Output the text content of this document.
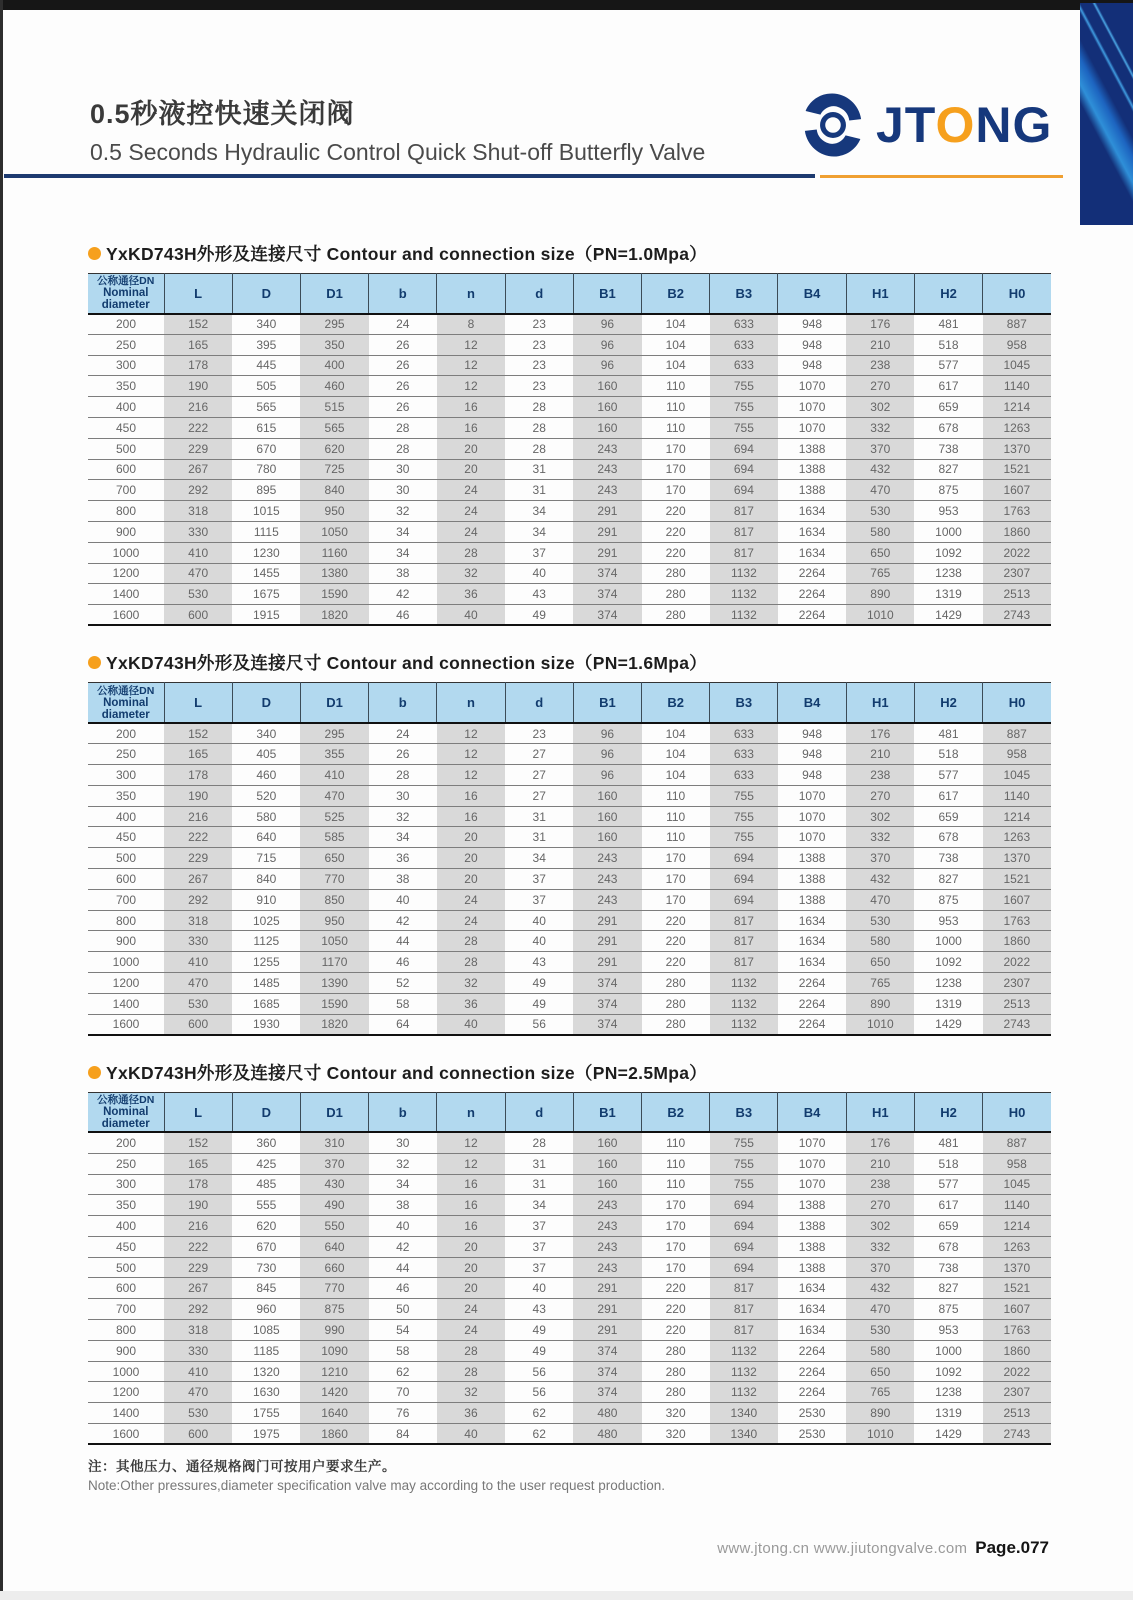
0.5秒液控快速关闭阀
0.5 Seconds Hydraulic Control Quick Shut-off Butterfly Valve	JTONG
YxKD743H外形及连接尺寸 Contour and connection size（PN=1.0Mpa）
公称通径DN
Nominal
diameter	L	D	D1	b	n	d	B1	B2	B3	B4	H1	H2	H0
200	152	340	295	24	8	23	96	104	633	948	176	481	887
250	165	395	350	26	12	23	96	104	633	948	210	518	958
300	178	445	400	26	12	23	96	104	633	948	238	577	1045
350	190	505	460	26	12	23	160	110	755	1070	270	617	1140
400	216	565	515	26	16	28	160	110	755	1070	302	659	1214
450	222	615	565	28	16	28	160	110	755	1070	332	678	1263
500	229	670	620	28	20	28	243	170	694	1388	370	738	1370
600	267	780	725	30	20	31	243	170	694	1388	432	827	1521
700	292	895	840	30	24	31	243	170	694	1388	470	875	1607
800	318	1015	950	32	24	34	291	220	817	1634	530	953	1763
900	330	1115	1050	34	24	34	291	220	817	1634	580	1000	1860
1000	410	1230	1160	34	28	37	291	220	817	1634	650	1092	2022
1200	470	1455	1380	38	32	40	374	280	1132	2264	765	1238	2307
1400	530	1675	1590	42	36	43	374	280	1132	2264	890	1319	2513
1600	600	1915	1820	46	40	49	374	280	1132	2264	1010	1429	2743
YxKD743H外形及连接尺寸 Contour and connection size（PN=1.6Mpa）
公称通径DN
Nominal
diameter	L	D	D1	b	n	d	B1	B2	B3	B4	H1	H2	H0
200	152	340	295	24	12	23	96	104	633	948	176	481	887
250	165	405	355	26	12	27	96	104	633	948	210	518	958
300	178	460	410	28	12	27	96	104	633	948	238	577	1045
350	190	520	470	30	16	27	160	110	755	1070	270	617	1140
400	216	580	525	32	16	31	160	110	755	1070	302	659	1214
450	222	640	585	34	20	31	160	110	755	1070	332	678	1263
500	229	715	650	36	20	34	243	170	694	1388	370	738	1370
600	267	840	770	38	20	37	243	170	694	1388	432	827	1521
700	292	910	850	40	24	37	243	170	694	1388	470	875	1607
800	318	1025	950	42	24	40	291	220	817	1634	530	953	1763
900	330	1125	1050	44	28	40	291	220	817	1634	580	1000	1860
1000	410	1255	1170	46	28	43	291	220	817	1634	650	1092	2022
1200	470	1485	1390	52	32	49	374	280	1132	2264	765	1238	2307
1400	530	1685	1590	58	36	49	374	280	1132	2264	890	1319	2513
1600	600	1930	1820	64	40	56	374	280	1132	2264	1010	1429	2743
YxKD743H外形及连接尺寸 Contour and connection size（PN=2.5Mpa）
公称通径DN
Nominal
diameter	L	D	D1	b	n	d	B1	B2	B3	B4	H1	H2	H0
200	152	360	310	30	12	28	160	110	755	1070	176	481	887
250	165	425	370	32	12	31	160	110	755	1070	210	518	958
300	178	485	430	34	16	31	160	110	755	1070	238	577	1045
350	190	555	490	38	16	34	243	170	694	1388	270	617	1140
400	216	620	550	40	16	37	243	170	694	1388	302	659	1214
450	222	670	640	42	20	37	243	170	694	1388	332	678	1263
500	229	730	660	44	20	37	243	170	694	1388	370	738	1370
600	267	845	770	46	20	40	291	220	817	1634	432	827	1521
700	292	960	875	50	24	43	291	220	817	1634	470	875	1607
800	318	1085	990	54	24	49	291	220	817	1634	530	953	1763
900	330	1185	1090	58	28	49	374	280	1132	2264	580	1000	1860
1000	410	1320	1210	62	28	56	374	280	1132	2264	650	1092	2022
1200	470	1630	1420	70	32	56	374	280	1132	2264	765	1238	2307
1400	530	1755	1640	76	36	62	480	320	1340	2530	890	1319	2513
1600	600	1975	1860	84	40	62	480	320	1340	2530	1010	1429	2743
注：其他压力、通径规格阀门可按用户要求生产。
Note:Other pressures,diameter specification valve may according to the user request production.
www.jtong.cn www.jiutongvalve.com Page.077
